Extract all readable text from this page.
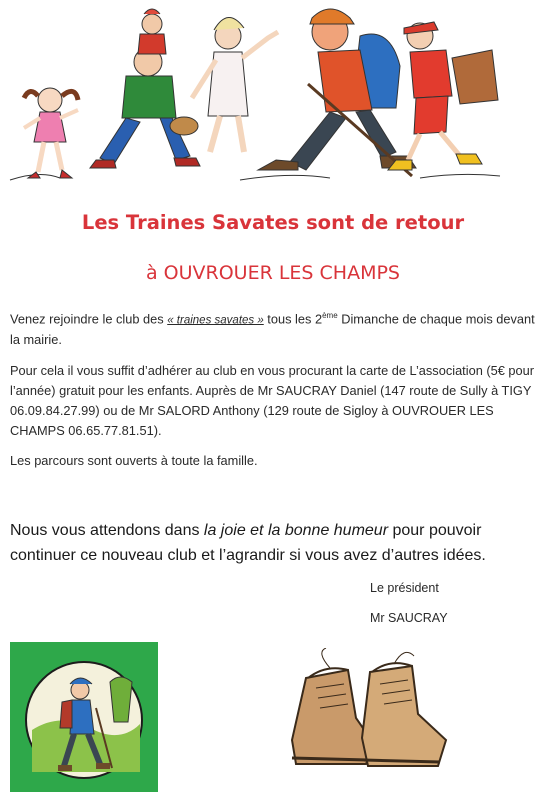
Les Traines Savates sont de retour
à OUVROUER LES CHAMPS
Venez rejoindre le club des « traines savates » tous les 2ème Dimanche de chaque mois devant la mairie.
Pour cela il vous suffit d’adhérer au club en vous procurant la carte de L’association (5€ pour l’année) gratuit pour les enfants. Auprès de Mr SAUCRAY Daniel (147 route de Sully à TIGY 06.09.84.27.99) ou de Mr SALORD Anthony (129 route de Sigloy à OUVROUER LES CHAMPS 06.65.77.81.51).
Les parcours sont ouverts à toute la famille.
Nous vous attendons dans la joie et la bonne humeur pour pouvoir continuer ce nouveau club et l’agrandir si vous avez d’autres idées.
Le président
Mr SAUCRAY
